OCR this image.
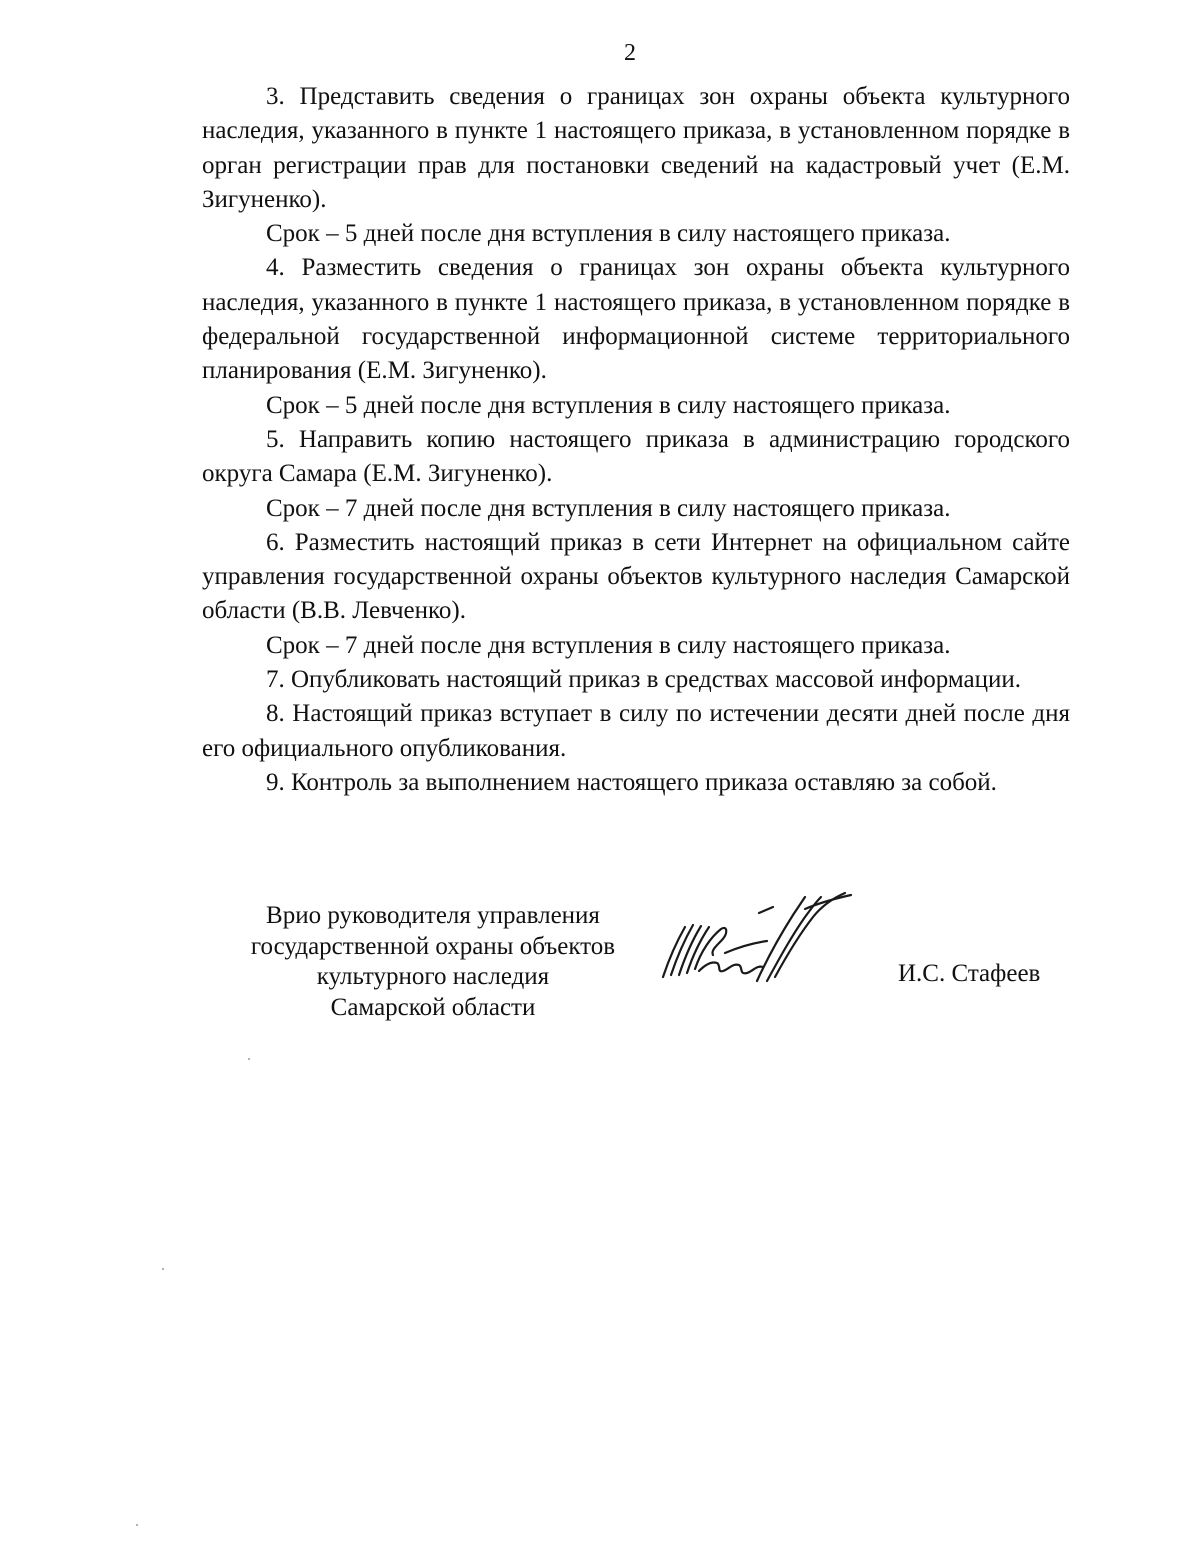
2

3. Представить сведения о границах зон охраны объекта культурного наследия, указанного в пункте 1 настоящего приказа, в установленном порядке в орган регистрации прав для постановки сведений на кадастровый учет (Е.М. Зигуненко).

Срок – 5 дней после дня вступления в силу настоящего приказа.

4. Разместить сведения о границах зон охраны объекта культурного наследия, указанного в пункте 1 настоящего приказа, в установленном порядке в федеральной государственной информационной системе территориального планирования (Е.М. Зигуненко).

Срок – 5 дней после дня вступления в силу настоящего приказа.

5. Направить копию настоящего приказа в администрацию городского округа Самара (Е.М. Зигуненко).

Срок – 7 дней после дня вступления в силу настоящего приказа.

6. Разместить настоящий приказ в сети Интернет на официальном сайте управления государственной охраны объектов культурного наследия Самарской области (В.В. Левченко).

Срок – 7 дней после дня вступления в силу настоящего приказа.

7. Опубликовать настоящий приказ в средствах массовой информации.

8. Настоящий приказ вступает в силу по истечении десяти дней после дня его официального опубликования.

9. Контроль за выполнением настоящего приказа оставляю за собой.

Врио руководителя управления
государственной охраны объектов
культурного наследия
Самарской области
И.С. Стафеев
